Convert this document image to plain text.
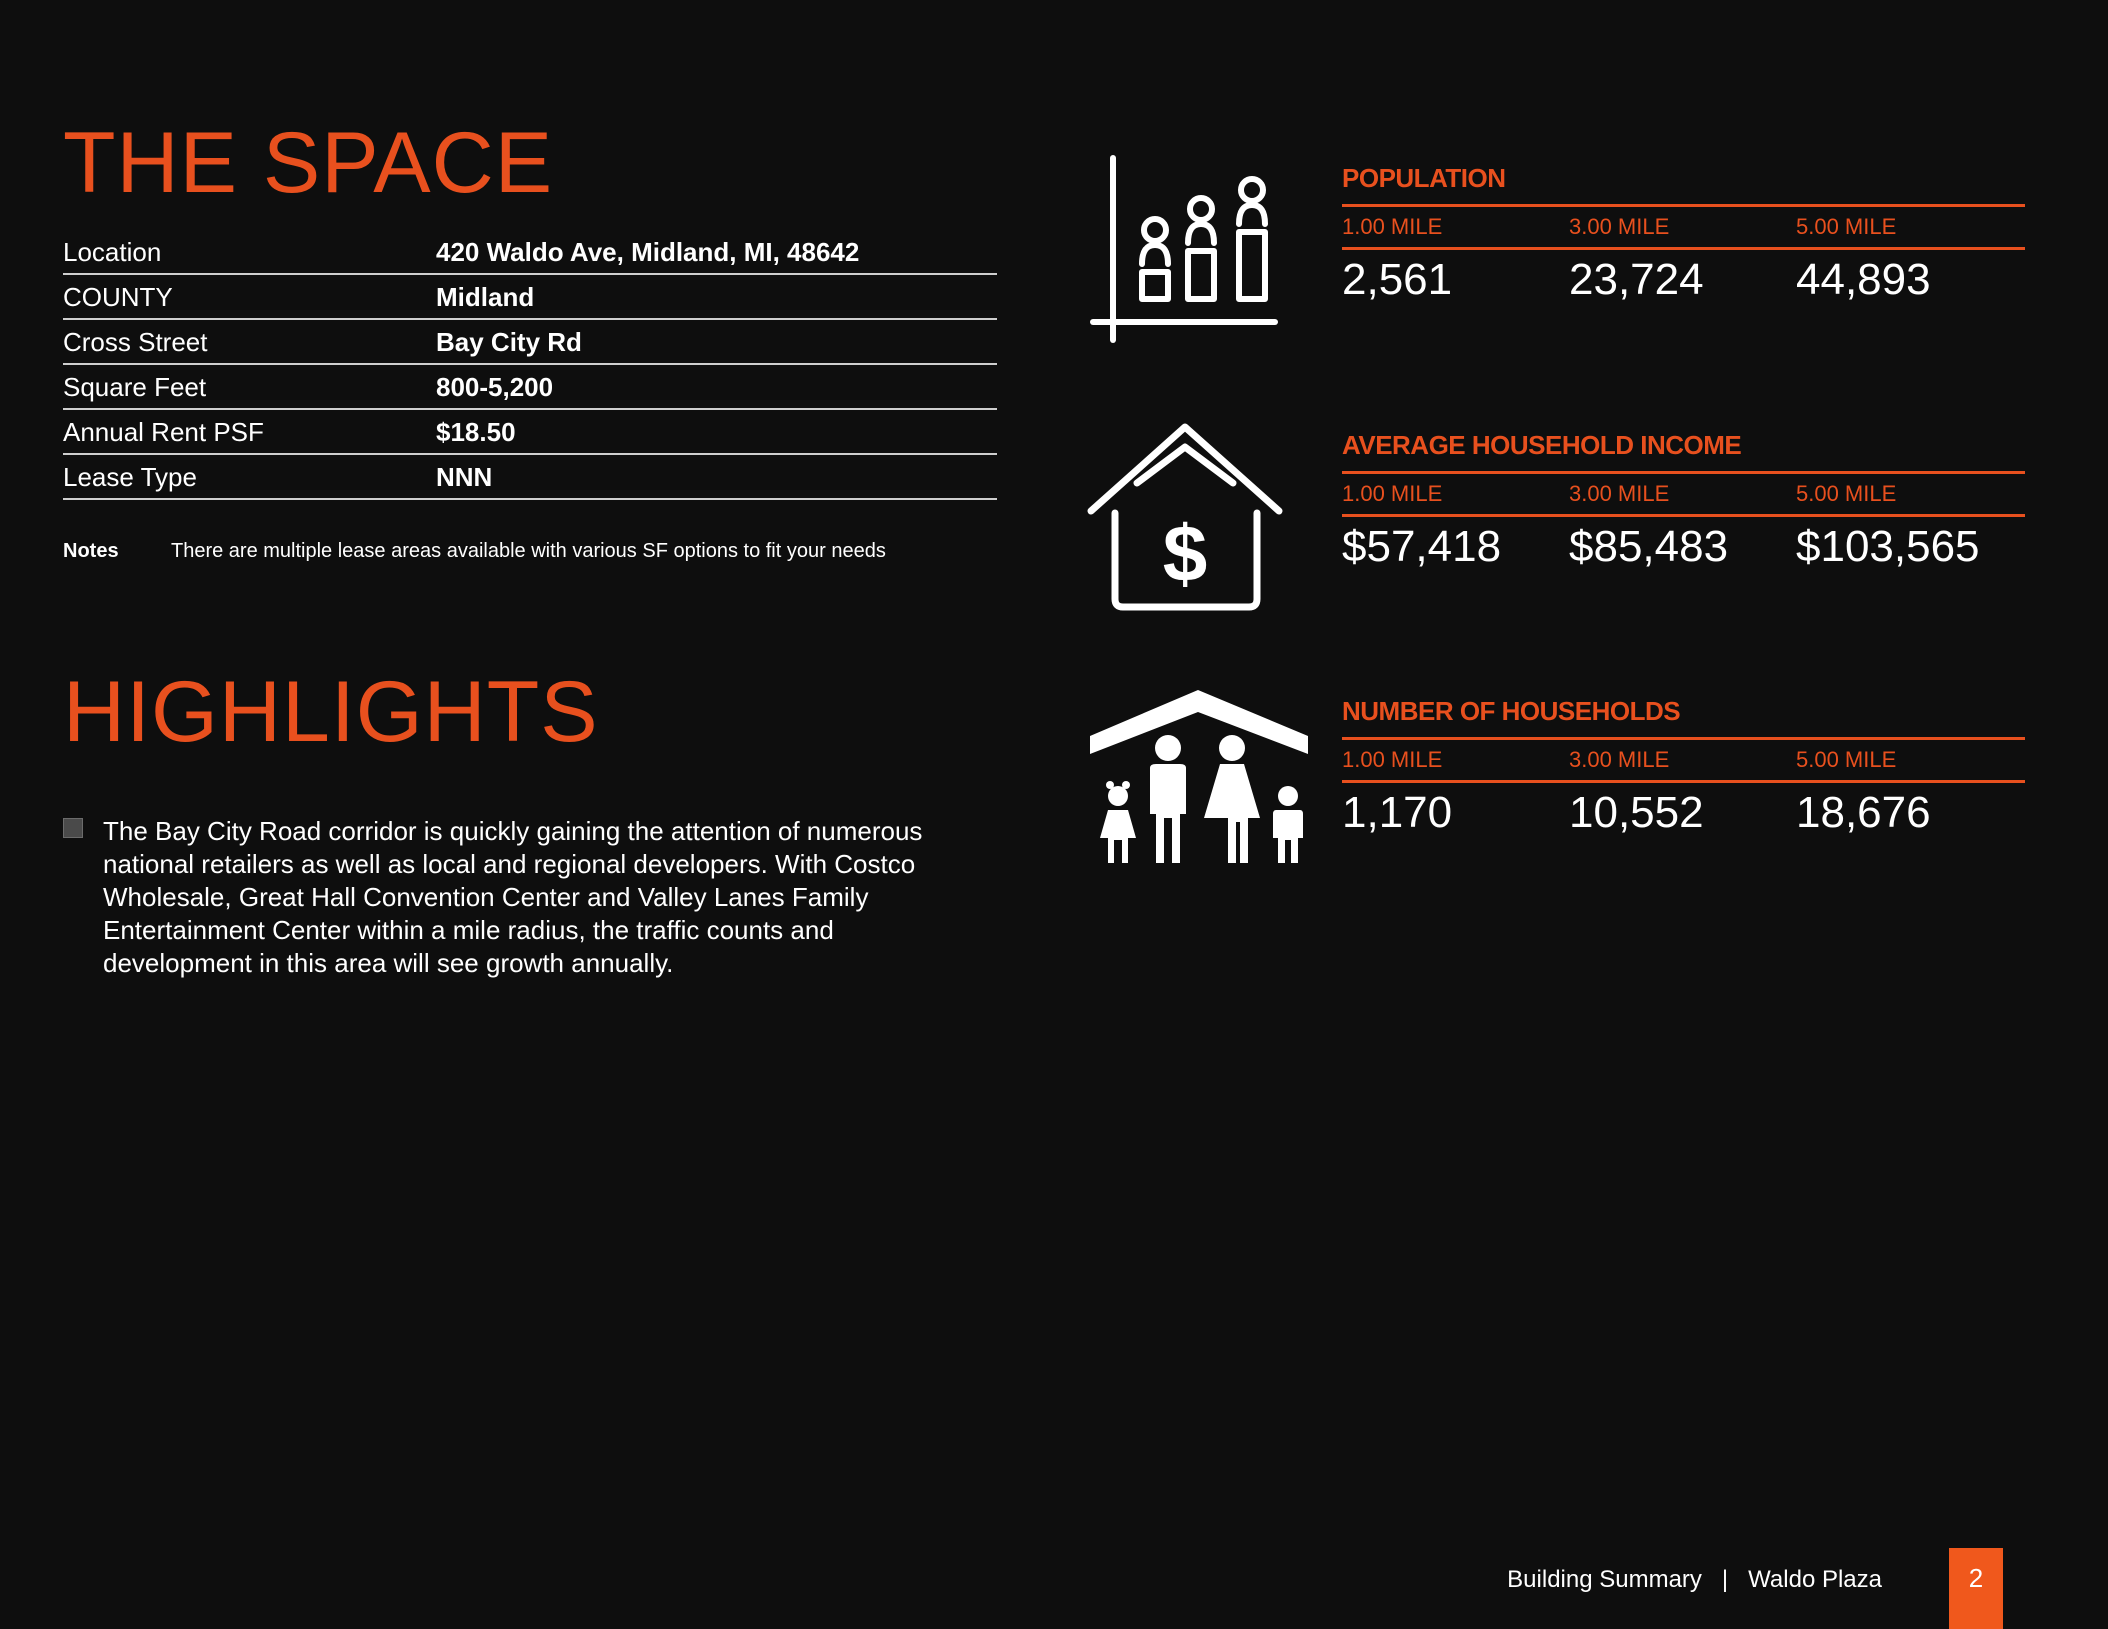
THE SPACE
Location	420 Waldo Ave, Midland, MI, 48642
COUNTY	Midland
Cross Street	Bay City Rd
Square Feet	800-5,200
Annual Rent PSF	$18.50
Lease Type	NNN
Notes	There are multiple lease areas available with various SF options to fit your needs
HIGHLIGHTS
The Bay City Road corridor is quickly gaining the attention of numerous national retailers as well as local and regional developers. With Costco Wholesale, Great Hall Convention Center and Valley Lanes Family Entertainment Center within a mile radius, the traffic counts and development in this area will see growth annually.
$
POPULATION
1.00 MILE	3.00 MILE	5.00 MILE
2,561	23,724	44,893
AVERAGE HOUSEHOLD INCOME
1.00 MILE	3.00 MILE	5.00 MILE
$57,418	$85,483	$103,565
NUMBER OF HOUSEHOLDS
1.00 MILE	3.00 MILE	5.00 MILE
1,170	10,552	18,676
Building Summary | Waldo Plaza	2
